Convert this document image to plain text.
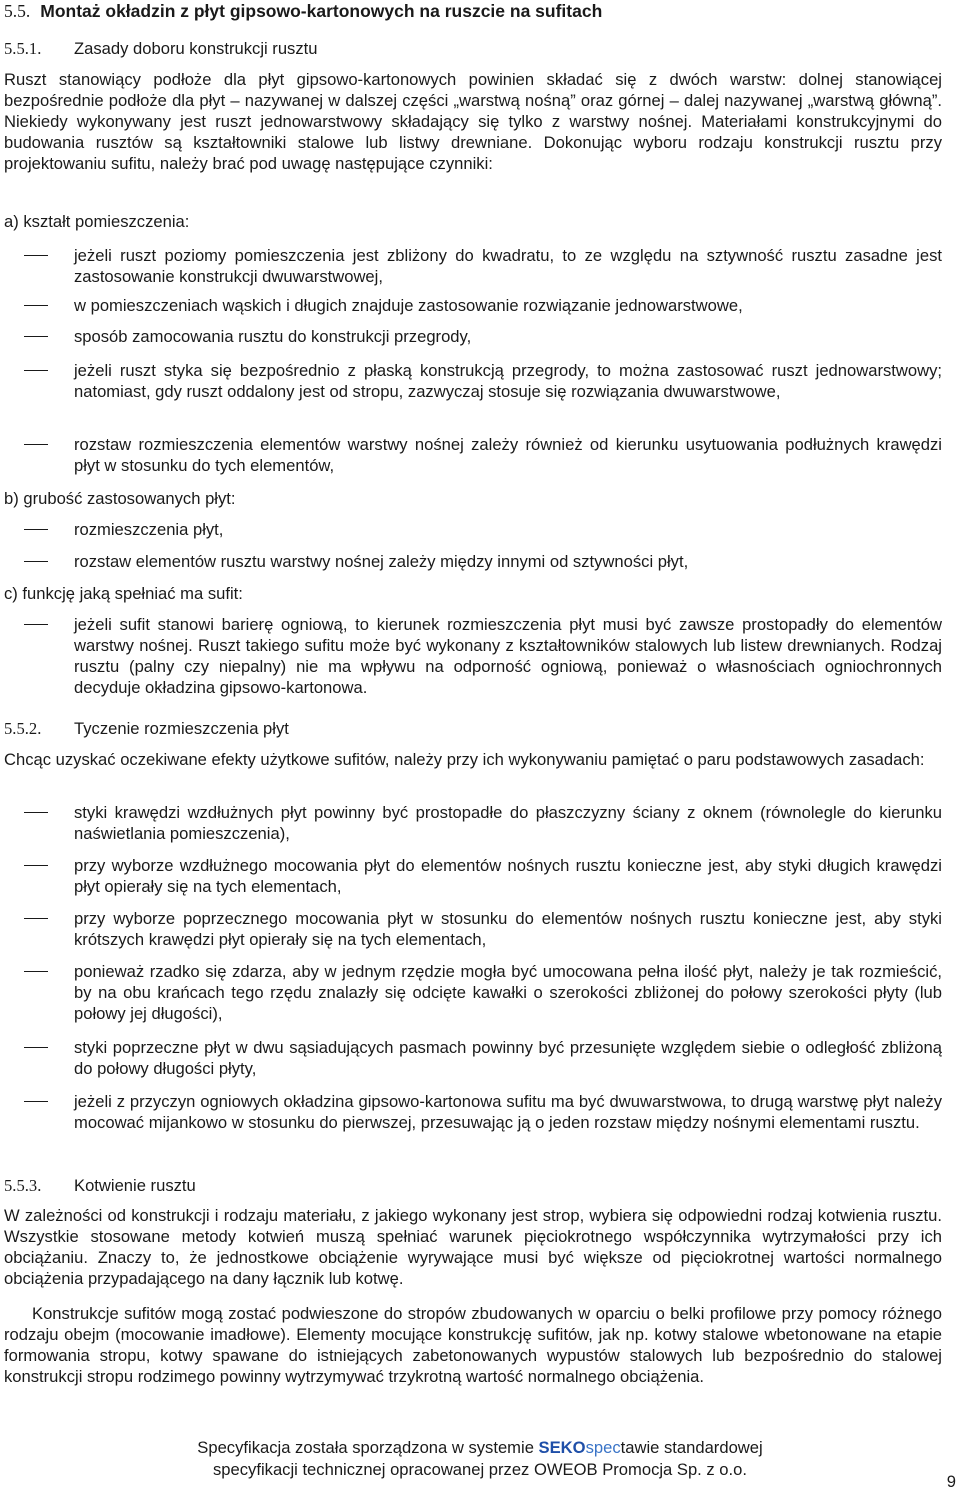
5.5. Montaż okładzin z płyt gipsowo-kartonowych na ruszcie na sufitach
5.5.1. Zasady doboru konstrukcji rusztu
Ruszt stanowiący podłoże dla płyt gipsowo-kartonowych powinien składać się z dwóch warstw: dolnej stanowiącej bezpośrednie podłoże dla płyt – nazywanej w dalszej części „warstwą nośną” oraz górnej – dalej nazywanej „warstwą główną”. Niekiedy wykonywany jest ruszt jednowarstwowy składający się tylko z warstwy nośnej. Materiałami konstrukcyjnymi do budowania rusztów są kształtowniki stalowe lub listwy drewniane. Dokonując wyboru rodzaju konstrukcji rusztu przy projektowaniu sufitu, należy brać pod uwagę następujące czynniki:
a) kształt pomieszczenia:
jeżeli ruszt poziomy pomieszczenia jest zbliżony do kwadratu, to ze względu na sztywność rusztu zasadne jest zastosowanie konstrukcji dwuwarstwowej,
w pomieszczeniach wąskich i długich znajduje zastosowanie rozwiązanie jednowarstwowe,
sposób zamocowania rusztu do konstrukcji przegrody,
jeżeli ruszt styka się bezpośrednio z płaską konstrukcją przegrody, to można zastosować ruszt jednowarstwowy; natomiast, gdy ruszt oddalony jest od stropu, zazwyczaj stosuje się rozwiązania dwuwarstwowe,
rozstaw rozmieszczenia elementów warstwy nośnej zależy również od kierunku usytuowania podłużnych krawędzi płyt w stosunku do tych elementów,
b) grubość zastosowanych płyt:
rozmieszczenia płyt,
rozstaw elementów rusztu warstwy nośnej zależy między innymi od sztywności płyt,
c) funkcję jaką spełniać ma sufit:
jeżeli sufit stanowi barierę ogniową, to kierunek rozmieszczenia płyt musi być zawsze prostopadły do elementów warstwy nośnej. Ruszt takiego sufitu może być wykonany z kształtowników stalowych lub listew drewnianych. Rodzaj rusztu (palny czy niepalny) nie ma wpływu na odporność ogniową, ponieważ o własnościach ogniochronnych decyduje okładzina gipsowo-kartonowa.
5.5.2. Tyczenie rozmieszczenia płyt
Chcąc uzyskać oczekiwane efekty użytkowe sufitów, należy przy ich wykonywaniu pamiętać o paru podstawowych zasadach:
styki krawędzi wzdłużnych płyt powinny być prostopadłe do płaszczyzny ściany z oknem (równolegle do kierunku naświetlania pomieszczenia),
przy wyborze wzdłużnego mocowania płyt do elementów nośnych rusztu konieczne jest, aby styki długich krawędzi płyt opierały się na tych elementach,
przy wyborze poprzecznego mocowania płyt w stosunku do elementów nośnych rusztu konieczne jest, aby styki krótszych krawędzi płyt opierały się na tych elementach,
ponieważ rzadko się zdarza, aby w jednym rzędzie mogła być umocowana pełna ilość płyt, należy je tak rozmieścić, by na obu krańcach tego rzędu znalazły się odcięte kawałki o szerokości zbliżonej do połowy szerokości płyty (lub połowy jej długości),
styki poprzeczne płyt w dwu sąsiadujących pasmach powinny być przesunięte względem siebie o odległość zbliżoną do połowy długości płyty,
jeżeli z przyczyn ogniowych okładzina gipsowo-kartonowa sufitu ma być dwuwarstwowa, to drugą warstwę płyt należy mocować mijankowo w stosunku do pierwszej, przesuwając ją o jeden rozstaw między nośnymi elementami rusztu.
5.5.3. Kotwienie rusztu
W zależności od konstrukcji i rodzaju materiału, z jakiego wykonany jest strop, wybiera się odpowiedni rodzaj kotwienia rusztu. Wszystkie stosowane metody kotwień muszą spełniać warunek pięciokrotnego współczynnika wytrzymałości przy ich obciążaniu. Znaczy to, że jednostkowe obciążenie wyrywające musi być większe od pięciokrotnej wartości normalnego obciążenia przypadającego na dany łącznik lub kotwę.
Konstrukcje sufitów mogą zostać podwieszone do stropów zbudowanych w oparciu o belki profilowe przy pomocy różnego rodzaju obejm (mocowanie imadłowe). Elementy mocujące konstrukcję sufitów, jak np. kotwy stalowe wbetonowane na etapie formowania stropu, kotwy spawane do istniejących zabetonowanych wypustów stalowych lub bezpośrednio do stalowej konstrukcji stropu rodzimego powinny wytrzymywać trzykrotną wartość normalnego obciążenia.
Specyfikacja została sporządzona w systemie SEKOspectawie standardowej
specyfikacji technicznej opracowanej przez OWEOB Promocja Sp. z o.o.
9
